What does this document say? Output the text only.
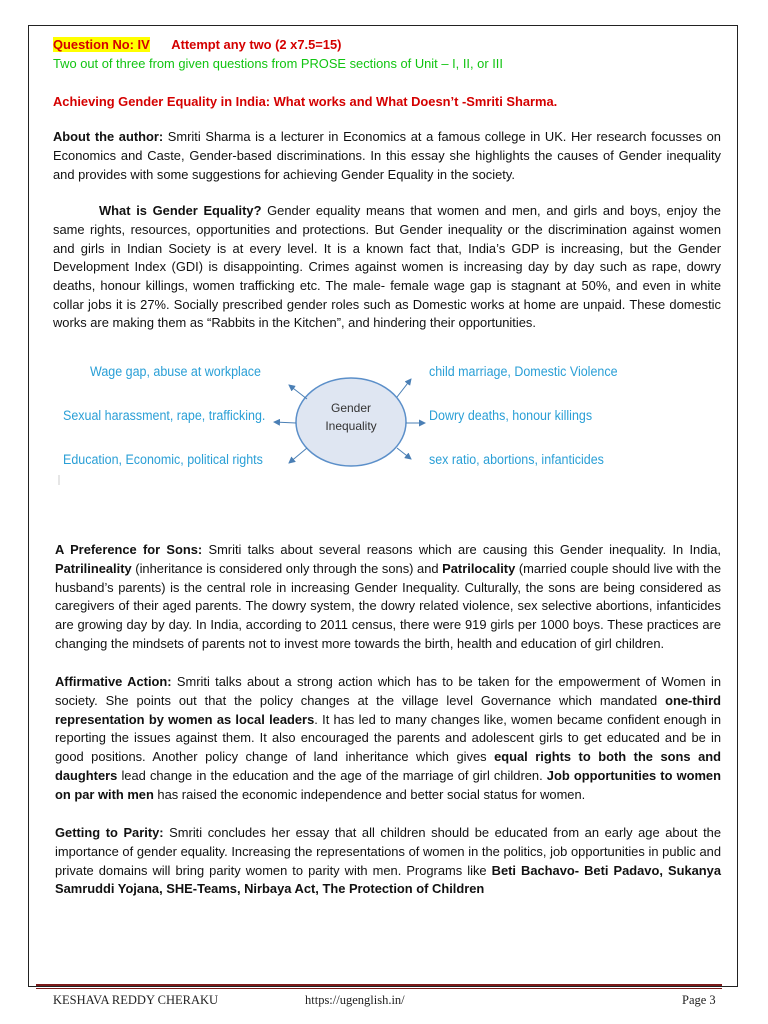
Question No: IV Attempt any two (2 x7.5=15)

Two out of three from given questions from PROSE sections of Unit – I, II, or III

Achieving Gender Equality in India: What works and What Doesn’t -Smriti Sharma.

About the author: Smriti Sharma is a lecturer in Economics at a famous college in UK. Her research focusses on Economics and Caste, Gender-based discriminations. In this essay she highlights the causes of Gender inequality and provides with some suggestions for achieving Gender Equality in the society.

What is Gender Equality? Gender equality means that women and men, and girls and boys, enjoy the same rights, resources, opportunities and protections. But Gender inequality or the discrimination against women and girls in Indian Society is at every level. It is a known fact that, India’s GDP is increasing, but the Gender Development Index (GDI) is disappointing. Crimes against women is increasing day by day such as rape, dowry deaths, honour killings, women trafficking etc. The male- female wage gap is stagnant at 50%, and even in white collar jobs it is 27%. Socially prescribed gender roles such as Domestic works at home are unpaid. These domestic works are making them as “Rabbits in the Kitchen”, and hindering their opportunities.

Gender
Inequality
Wage gap, abuse at workplace
Sexual harassment, rape, trafficking.
Education, Economic, political rights
child marriage, Domestic Violence
Dowry deaths, honour killings
sex ratio, abortions, infanticides

A Preference for Sons: Smriti talks about several reasons which are causing this Gender inequality. In India, Patrilineality (inheritance is considered only through the sons) and Patrilocality (married couple should live with the husband’s parents) is the central role in increasing Gender Inequality. Culturally, the sons are being considered as caregivers of their aged parents. The dowry system, the dowry related violence, sex selective abortions, infanticides are growing day by day. In India, according to 2011 census, there were 919 girls per 1000 boys. These practices are changing the mindsets of parents not to invest more towards the birth, health and education of girl children.

Affirmative Action: Smriti talks about a strong action which has to be taken for the empowerment of Women in society. She points out that the policy changes at the village level Governance which mandated one-third representation by women as local leaders. It has led to many changes like, women became confident enough in reporting the issues against them. It also encouraged the parents and adolescent girls to get educated and be in good positions. Another policy change of land inheritance which gives equal rights to both the sons and daughters lead change in the education and the age of the marriage of girl children. Job opportunities to women on par with men has raised the economic independence and better social status for women.

Getting to Parity: Smriti concludes her essay that all children should be educated from an early age about the importance of gender equality. Increasing the representations of women in the politics, job opportunities in public and private domains will bring parity women to parity with men. Programs like Beti Bachavo- Beti Padavo, Sukanya Samruddi Yojana, SHE-Teams, Nirbaya Act, The Protection of Children

KESHAVA REDDY CHERAKU	https://ugenglish.in/	Page 3
